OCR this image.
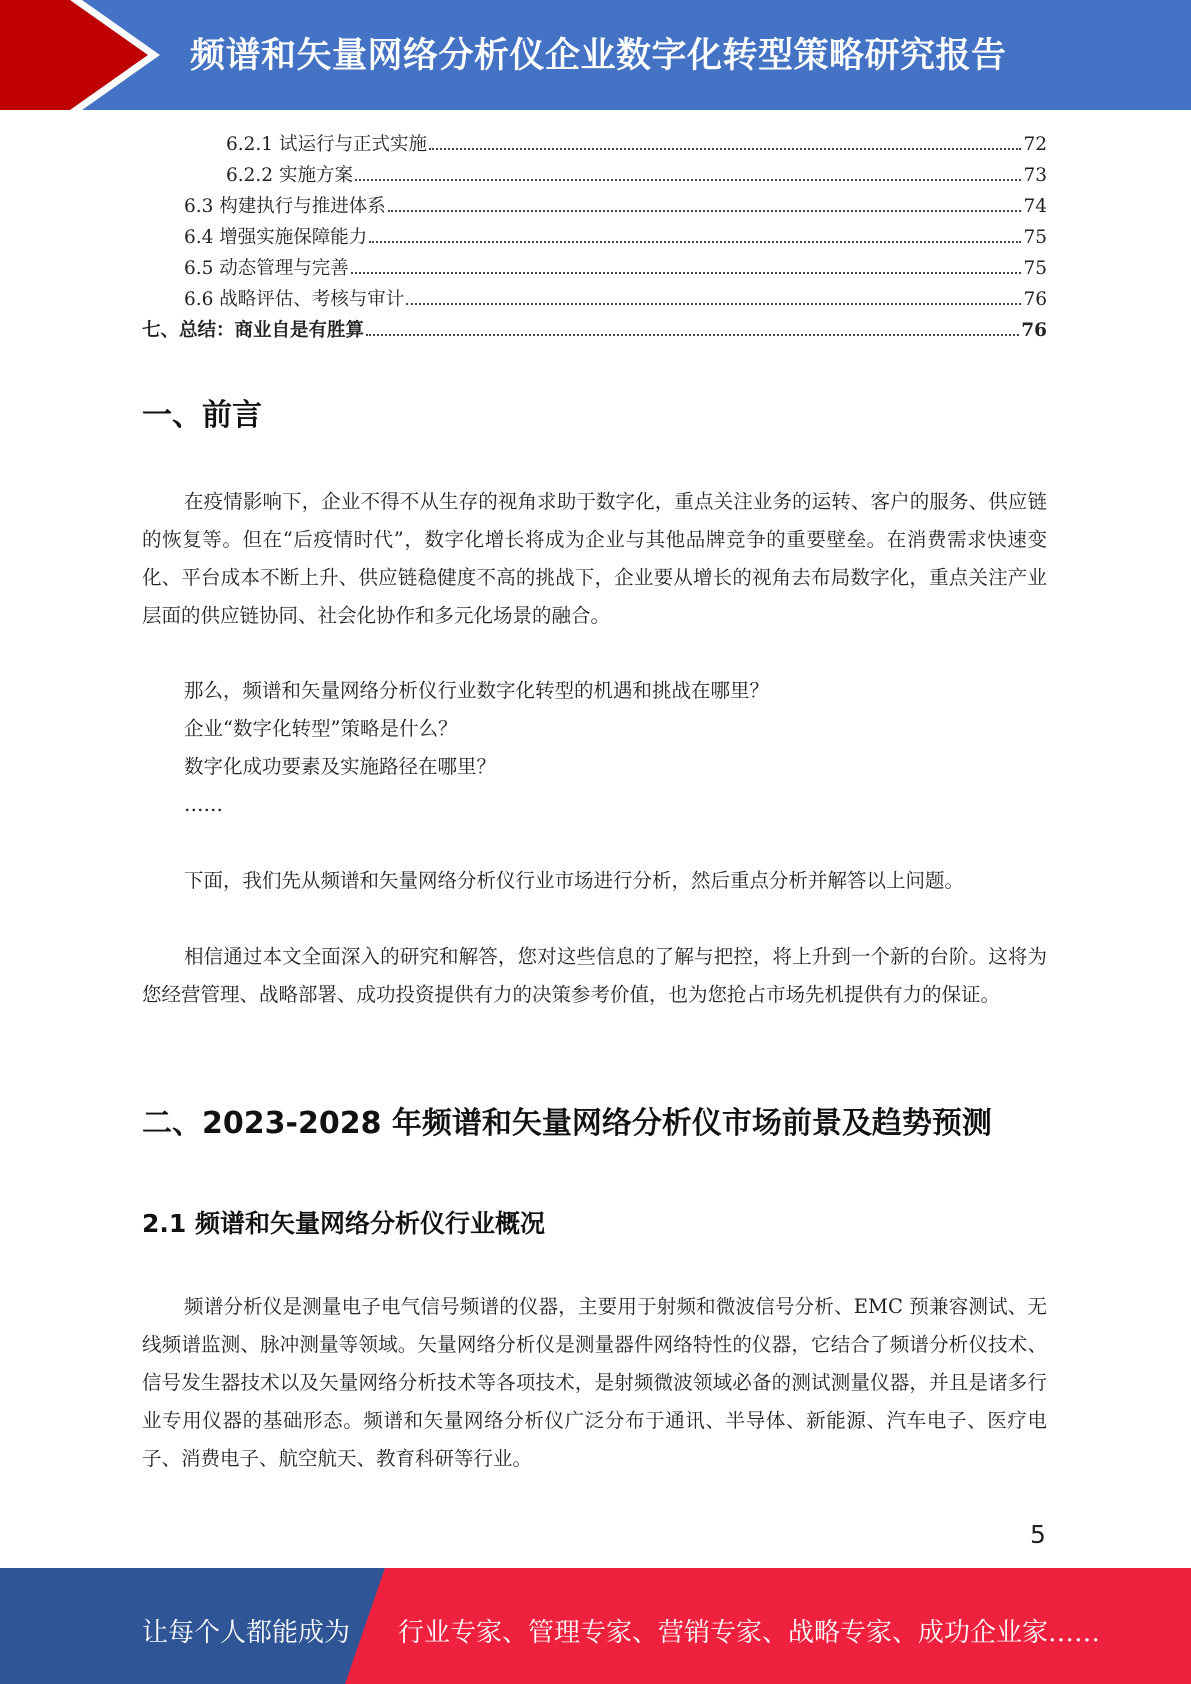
频谱和矢量网络分析仪企业数字化转型策略研究报告
6.2.1 试运行与正式实施	72
6.2.2 实施方案	73
6.3 构建执行与推进体系	74
6.4 增强实施保障能力	75
6.5 动态管理与完善	75
6.6 战略评估、考核与审计	76
七、总结：商业自是有胜算	76
一、前言
在疫情影响下，企业不得不从生存的视角求助于数字化，重点关注业务的运转、客户的服务、供应链的恢复等。但在“后疫情时代”，数字化增长将成为企业与其他品牌竞争的重要壁垒。在消费需求快速变化、平台成本不断上升、供应链稳健度不高的挑战下，企业要从增长的视角去布局数字化，重点关注产业层面的供应链协同、社会化协作和多元化场景的融合。
那么，频谱和矢量网络分析仪行业数字化转型的机遇和挑战在哪里？
企业“数字化转型”策略是什么？
数字化成功要素及实施路径在哪里？
……
下面，我们先从频谱和矢量网络分析仪行业市场进行分析，然后重点分析并解答以上问题。
相信通过本文全面深入的研究和解答，您对这些信息的了解与把控，将上升到一个新的台阶。这将为您经营管理、战略部署、成功投资提供有力的决策参考价值，也为您抢占市场先机提供有力的保证。
二、2023-2028 年频谱和矢量网络分析仪市场前景及趋势预测
2.1 频谱和矢量网络分析仪行业概况
频谱分析仪是测量电子电气信号频谱的仪器，主要用于射频和微波信号分析、EMC 预兼容测试、无线频谱监测、脉冲测量等领域。矢量网络分析仪是测量器件网络特性的仪器，它结合了频谱分析仪技术、信号发生器技术以及矢量网络分析技术等各项技术，是射频微波领域必备的测试测量仪器，并且是诸多行业专用仪器的基础形态。频谱和矢量网络分析仪广泛分布于通讯、半导体、新能源、汽车电子、医疗电子、消费电子、航空航天、教育科研等行业。
5
让每个人都能成为 行业专家、管理专家、营销专家、战略专家、成功企业家……
